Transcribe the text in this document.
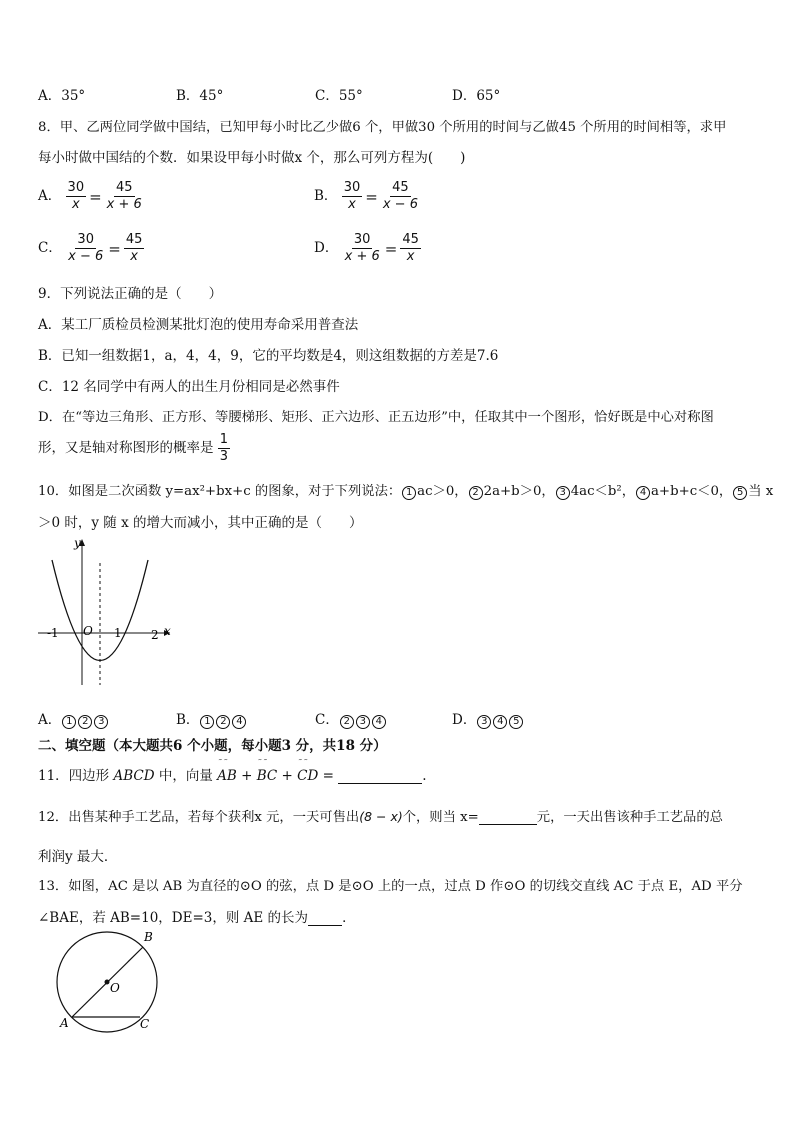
A．35°	B．45°	C．55°	D．65°
8．甲、乙两位同学做中国结，已知甲每小时比乙少做6 个，甲做30 个所用的时间与乙做45 个所用的时间相等，求甲
每小时做中国结的个数．如果设甲每小时做x 个，那么可列方程为(　　)
A． $\frac{30}{x} = \frac{45}{x + 6}$	B． $\frac{30}{x} = \frac{45}{x - 6}$
C． $\frac{30}{x - 6} = \frac{45}{x}$	D． $\frac{30}{x + 6} = \frac{45}{x}$
9．下列说法正确的是（　　）
A．某工厂质检员检测某批灯泡的使用寿命采用普查法
B．已知一组数据1，a，4，4，9，它的平均数是4，则这组数据的方差是7.6
C．12 名同学中有两人的出生月份相同是必然事件
D．在“等边三角形、正方形、等腰梯形、矩形、正六边形、正五边形”中，任取其中一个图形，恰好既是中心对称图
形，又是轴对称图形的概率是 $\frac{1}{3}$
10．如图是二次函数 y=ax²+bx+c 的图象，对于下列说法： 1 ac＞0， 2 2a+b＞0， 3 4ac＜b²， 4 a+b+c＜0， 5 当 x
＞0 时，y 随 x 的增大而减小，其中正确的是（　　）
y
x
O
-1	1 2
A． 1 2 3	B． 1 2 4	C． 2 3 4	D． 3 4 5
二、填空题（本大题共6 个小题，每小题3 分，共18 分）
11．四边形 ABCD 中，向量 ˜˜ AB + ˜˜ BC + ˜˜ CD =	.
12．出售某种手工艺品，若每个获利x 元，一天可售出(8 − x)个，则当 x=	元，一天出售该种手工艺品的总
利润y 最大．
13．如图，AC 是以 AB 为直径的⊙O 的弦，点 D 是⊙O 上的一点，过点 D 作⊙O 的切线交直线 AC 于点 E，AD 平分
∠BAE，若 AB=10，DE=3，则 AE 的长为	．
O
A
B
C
